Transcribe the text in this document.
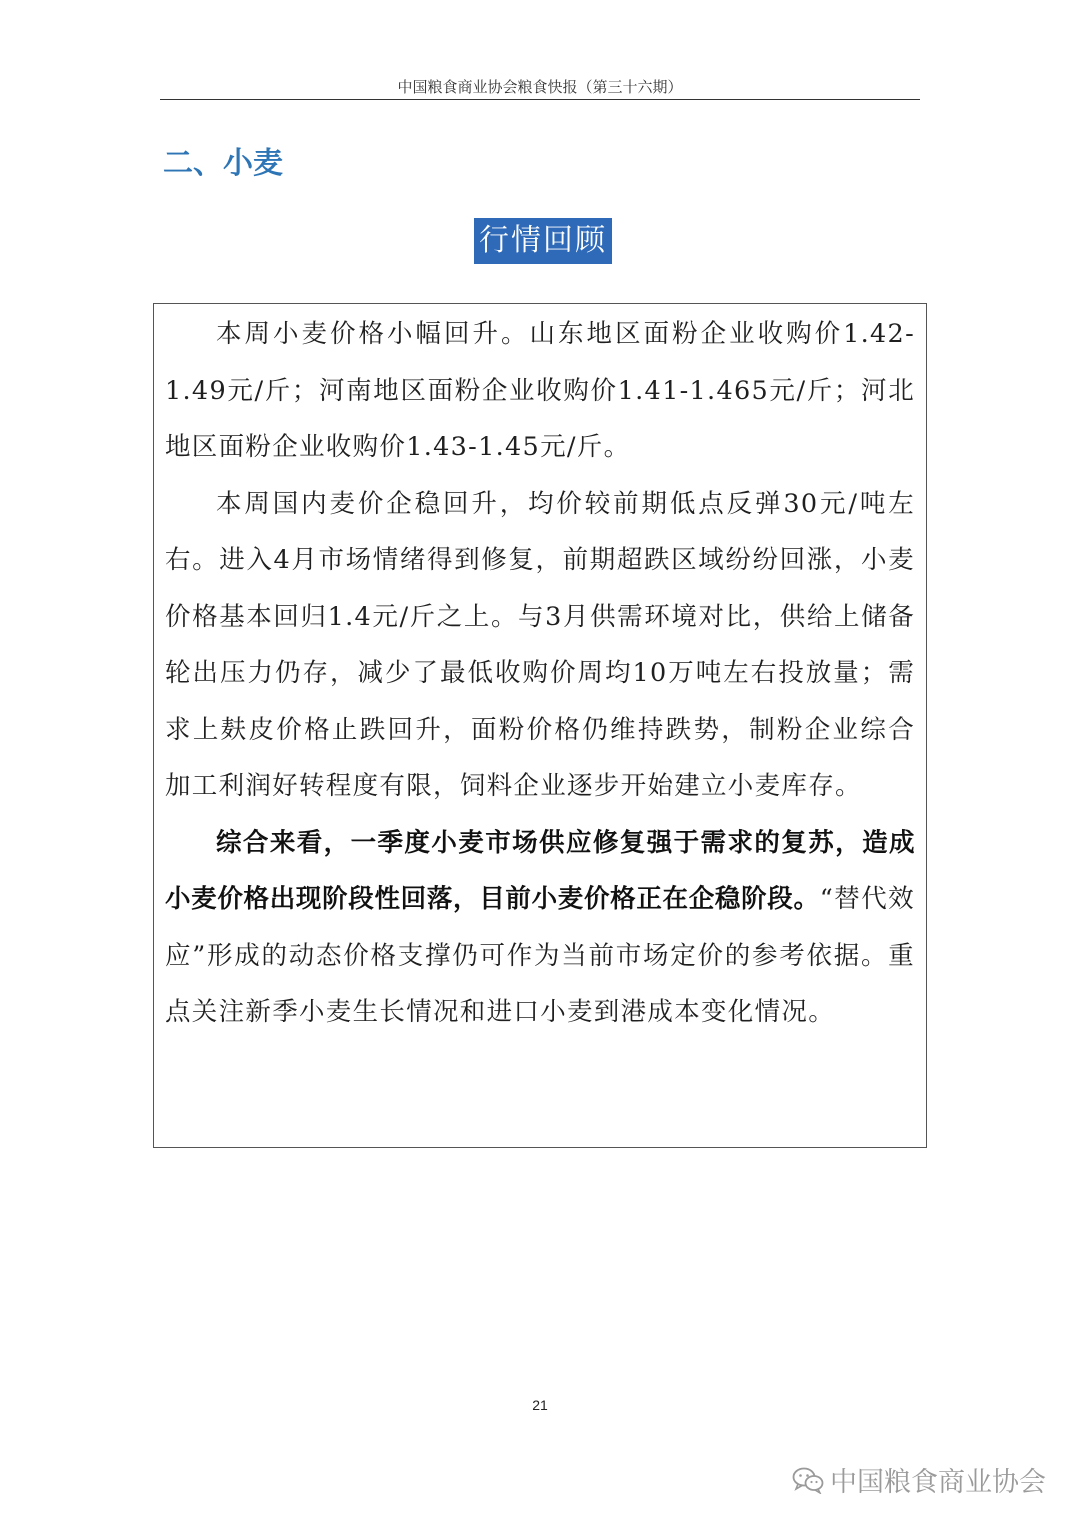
中国粮食商业协会粮食快报（第三十六期）
二、小麦
行情回顾

本周小麦价格小幅回升。山东地区面粉企业收购价1.42-1.49元/斤；河南地区面粉企业收购价1.41-1.465元/斤；河北地区面粉企业收购价1.43-1.45元/斤。

本周国内麦价企稳回升，均价较前期低点反弹30元/吨左右。进入4月市场情绪得到修复，前期超跌区域纷纷回涨，小麦价格基本回归1.4元/斤之上。与3月供需环境对比，供给上储备轮出压力仍存，减少了最低收购价周均10万吨左右投放量；需求上麸皮价格止跌回升，面粉价格仍维持跌势，制粉企业综合加工利润好转程度有限，饲料企业逐步开始建立小麦库存。

综合来看，一季度小麦市场供应修复强于需求的复苏，造成小麦价格出现阶段性回落，目前小麦价格正在企稳阶段。“替代效应”形成的动态价格支撑仍可作为当前市场定价的参考依据。重点关注新季小麦生长情况和进口小麦到港成本变化情况。

21
中国粮食商业协会
